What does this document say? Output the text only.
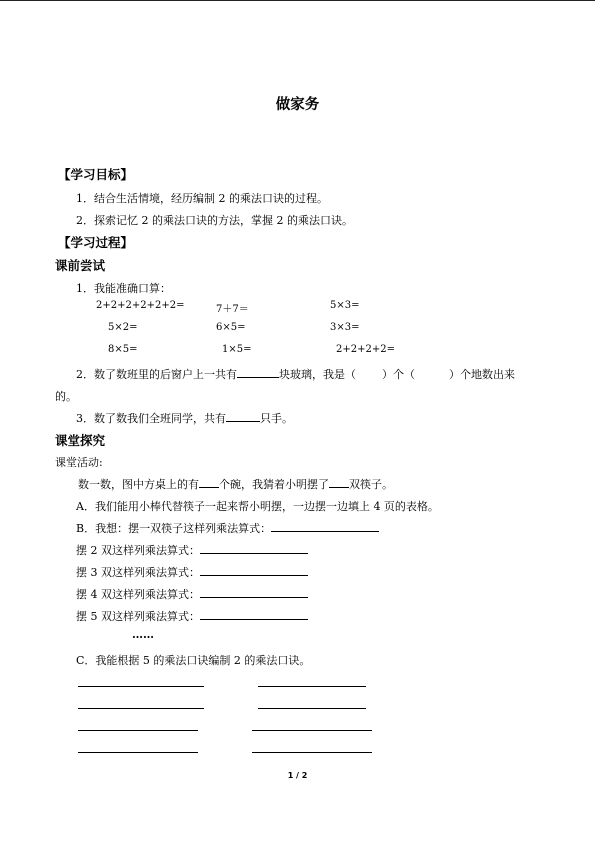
做家务
【学习目标】
1．结合生活情境，经历编制 2 的乘法口诀的过程。
2．探索记忆 2 的乘法口诀的方法，掌握 2 的乘法口诀。
【学习过程】
课前尝试
1．我能准确口算：
2+2+2+2+2+2=	7＋7＝	5×3=
5×2=	6×5=	3×3=
8×5=	1×5=	2+2+2+2=
2．数了数班里的后窗户上一共有	块玻璃，我是（ ）个（	）个地数出来
的。
3．数了数我们全班同学，共有	只手。
课堂探究
课堂活动:
数一数，图中方桌上的有 个碗，我猜着小明摆了 双筷子。
A．我们能用小棒代替筷子一起来帮小明摆，一边摆一边填上 4 页的表格。
B．我想：摆一双筷子这样列乘法算式：
摆 2 双这样列乘法算式：
摆 3 双这样列乘法算式：
摆 4 双这样列乘法算式：
摆 5 双这样列乘法算式：
……
C．我能根据 5 的乘法口诀编制 2 的乘法口诀。
1 / 2
